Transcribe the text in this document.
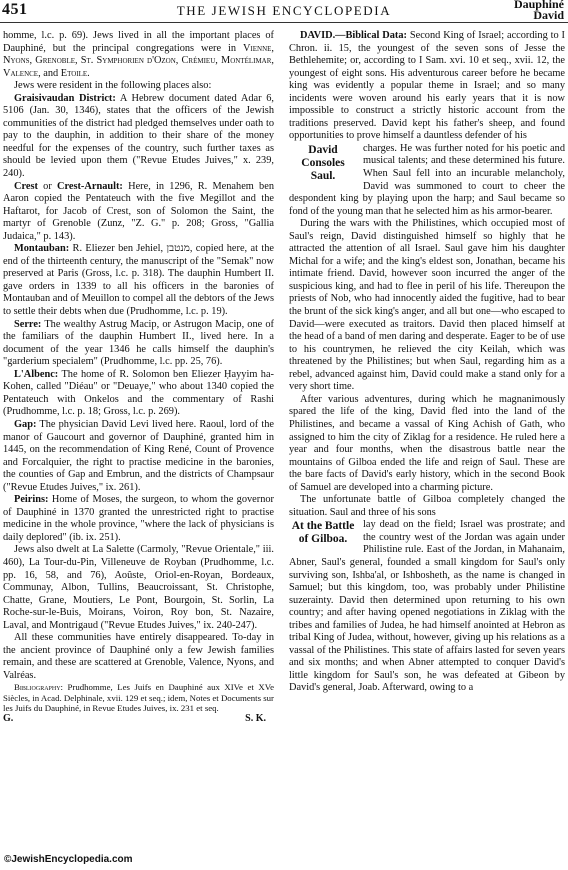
451	THE JEWISH ENCYCLOPEDIA	Dauphiné
David

homme, l.c. p. 69). Jews lived in all the important places of Dauphiné, but the principal congregations were in Vienne, Nyons, Grenoble, St. Symphorien d'Ozon, Crémieu, Montélimar, Valence, and Etoile.

Jews were resident in the following places also:

Graisivaudan District: A Hebrew document dated Adar 6, 5106 (Jan. 30, 1346), states that the officers of the Jewish communities of the district had pledged themselves under oath to pay to the dauphin, in addition to their share of the money needful for the expenses of the country, such further taxes as should be levied upon them ("Revue Etudes Juives," x. 239, 240).

Crest or Crest-Arnault: Here, in 1296, R. Menahem ben Aaron copied the Pentateuch with the five Megillot and the Haftarot, for Jacob of Crest, son of Solomon the Saint, the martyr of Grenoble (Zunz, "Z. G." p. 208; Gross, "Gallia Judaica," p. 143).

Montauban: R. Eliezer ben Jehiel, מנטבן, copied here, at the end of the thirteenth century, the manuscript of the "Semak" now preserved at Paris (Gross, l.c. p. 318). The dauphin Humbert II. gave orders in 1339 to all his officers in the baronies of Montauban and of Meuillon to compel all the debtors of the Jews to settle their debts when due (Prudhomme, l.c. p. 19).

Serre: The wealthy Astrug Macip, or Astrugon Macip, one of the familiars of the dauphin Humbert II., lived here. In a document of the year 1346 he calls himself the dauphin's "garderium specialem" (Prudhomme, l.c. pp. 25, 76).

L'Albenc: The home of R. Solomon ben Eliezer Ḥayyim ha-Kohen, called "Diéau" or "Deuaye," who about 1340 copied the Pentateuch with Onkelos and the commentary of Rashi (Prudhomme, l.c. p. 18; Gross, l.c. p. 269).

Gap: The physician David Levi lived here. Raoul, lord of the manor of Gaucourt and governor of Dauphiné, granted him in 1445, on the recommendation of King René, Count of Provence and Forcalquier, the right to practise medicine in the baronies, the counties of Gap and Embrun, and the districts of Champsaur ("Revue Etudes Juives," ix. 261).

Peirins: Home of Moses, the surgeon, to whom the governor of Dauphiné in 1370 granted the unrestricted right to practise medicine in the whole province, "where the lack of physicians is daily deplored" (ib. ix. 251).

Jews also dwelt at La Salette (Carmoly, "Revue Orientale," iii. 460), La Tour-du-Pin, Villeneuve de Royban (Prudhomme, l.c. pp. 16, 58, and 76), Aoûste, Oriol-en-Royan, Bordeaux, Communay, Albon, Tullins, Beaucroissant, St. Christophe, Chatte, Grane, Moutiers, Le Pont, Bourgoin, St. Sorlin, La Roche-sur-le-Buis, Moirans, Voiron, Roy bon, St. Nazaire, Laval, and Montrigaud ("Revue Etudes Juives," ix. 240-247).

All these communities have entirely disappeared. To-day in the ancient province of Dauphiné only a few Jewish families remain, and these are scattered at Grenoble, Valence, Nyons, and Valréas.

Bibliography: Prudhomme, Les Juifs en Dauphiné aux XIVe et XVe Siècles, in Acad. Delphinale, xvii. 129 et seq.; idem, Notes et Documents sur les Juifs du Dauphiné, in Revue Etudes Juives, ix. 231 et seq.

G.	S. K.

DAVID.—Biblical Data: Second King of Israel; according to I Chron. ii. 15, the youngest of the seven sons of Jesse the Bethlehemite; or, according to I Sam. xvi. 10 et seq., xvii. 12, the youngest of eight sons. His adventurous career before he became king was evidently a popular theme in Israel; and so many incidents were woven around his early years that it is now impossible to construct a strictly historic account from the traditions preserved. David kept his father's sheep, and found opportunities to prove himself a dauntless defender of his

David Consoles Saul.

charges. He was further noted for his poetic and musical talents; and these determined his future. When Saul fell into an incurable melancholy, David was summoned to court to cheer the despondent king by playing upon the harp; and Saul became so fond of the young man that he selected him as his armor-bearer.

During the wars with the Philistines, which occupied most of Saul's reign, David distinguished himself so highly that he attracted the attention of all Israel. Saul gave him his daughter Michal for a wife; and the king's eldest son, Jonathan, became his intimate friend. David, however soon incurred the anger of the suspicious king, and had to flee in peril of his life. Thereupon the priests of Nob, who had innocently aided the fugitive, had to bear the brunt of the sick king's anger, and all but one—who escaped to David—were executed as traitors. David then placed himself at the head of a band of men daring and desperate. Eager to be of use to his countrymen, he relieved the city Keilah, which was threatened by the Philistines; but when Saul, regarding him as a rebel, advanced against him, David could make a stand only for a very short time.

After various adventures, during which he magnanimously spared the life of the king, David fled into the land of the Philistines, and became a vassal of King Achish of Gath, who assigned to him the city of Ziklag for a residence. He ruled here a year and four months, when the disastrous battle near the mountains of Gilboa ended the life and reign of Saul. These are the bare facts of David's early history, which in the second Book of Samuel are developed into a charming picture.

The unfortunate battle of Gilboa completely changed the situation. Saul and three of his sons

At the Battle of Gilboa.

lay dead on the field; Israel was prostrate; and the country west of the Jordan was again under Philistine rule. East of the Jordan, in Mahanaim, Abner, Saul's general, founded a small kingdom for Saul's only surviving son, Ishba'al, or Ishbosheth, as the name is changed in Samuel; but this kingdom, too, was probably under Philistine suzerainty. David then determined upon returning to his own country; and after having opened negotiations in Ziklag with the tribes and families of Judea, he had himself anointed at Hebron as tribal King of Judea, without, however, giving up his relations as a vassal of the Philistines. This state of affairs lasted for seven years and six months; and when Abner attempted to conquer David's little kingdom for Saul's son, he was defeated at Gibeon by David's general, Joab. Afterward, owing to a

©JewishEncyclopedia.com
